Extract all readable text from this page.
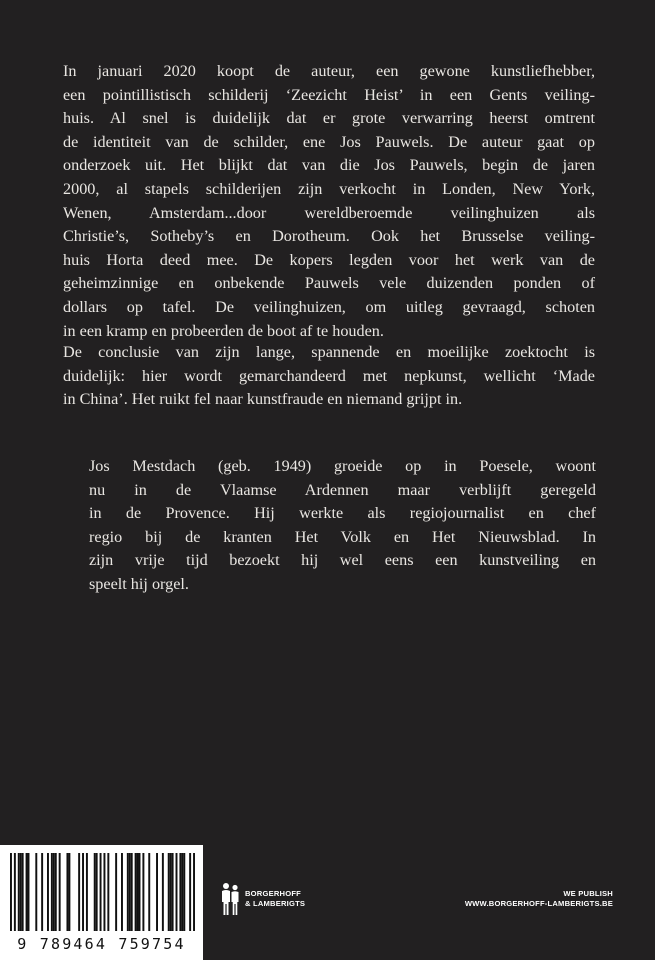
In januari 2020 koopt de auteur, een gewone kunstliefhebber,
een pointillistisch schilderij ‘Zeezicht Heist’ in een Gents veiling-
huis. Al snel is duidelijk dat er grote verwarring heerst omtrent
de identiteit van de schilder, ene Jos Pauwels. De auteur gaat op
onderzoek uit. Het blijkt dat van die Jos Pauwels, begin de jaren
2000, al stapels schilderijen zijn verkocht in Londen, New York,
Wenen, Amsterdam...door wereldberoemde veilinghuizen als
Christie’s, Sotheby’s en Dorotheum. Ook het Brusselse veiling-
huis Horta deed mee. De kopers legden voor het werk van de
geheimzinnige en onbekende Pauwels vele duizenden ponden of
dollars op tafel. De veilinghuizen, om uitleg gevraagd, schoten
in een kramp en probeerden de boot af te houden.
De conclusie van zijn lange, spannende en moeilijke zoektocht is
duidelijk: hier wordt gemarchandeerd met nepkunst, wellicht ‘Made
in China’. Het ruikt fel naar kunstfraude en niemand grijpt in.
Jos Mestdach (geb. 1949) groeide op in Poesele, woont
nu in de Vlaamse Ardennen maar verblijft geregeld
in de Provence. Hij werkte als regiojournalist en chef
regio bij de kranten Het Volk en Het Nieuwsblad. In
zijn vrije tijd bezoekt hij wel eens een kunstveiling en
speelt hij orgel.
9 789464 759754
BORGERHOFF
& LAMBERIGTS
WE PUBLISH
WWW.BORGERHOFF-LAMBERIGTS.BE
